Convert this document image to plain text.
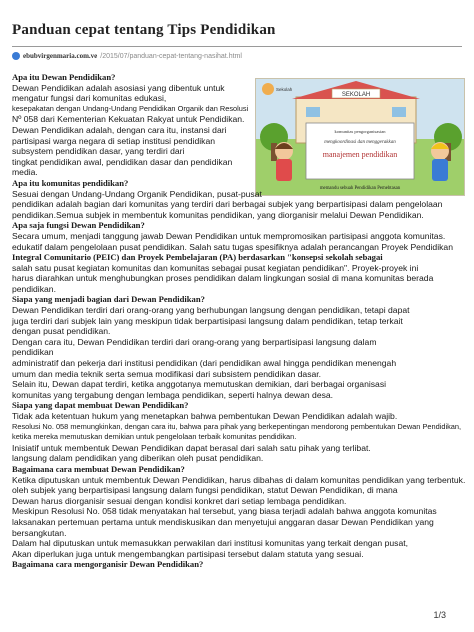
Panduan cepat tentang Tips Pendidikan
ebubvirgenmaria.com.ve /2015/07/panduan-cepat-tentang-nasihat.html
SEKOLAH
Sekolah
komunitas pengorganisasian
mengkoordinasi dan menggerakkan
manajemen pendidikan
memandu sebuah Pendidikan Pemebtasan

Apa itu Dewan Pendidikan?

Dewan Pendidikan adalah asosiasi yang dibentuk untuk

mengatur fungsi dari komunitas edukasi,

kesepakatan dengan Undang-Undang Pendidikan Organik dan Resolusi

Nº 058 dari Kementerian Kekuatan Rakyat untuk Pendidikan.

Dewan Pendidikan adalah, dengan cara itu, instansi dari

partisipasi warga negara di setiap institusi pendidikan

subsystem pendidikan dasar, yang terdiri dari

tingkat pendidikan awal, pendidikan dasar dan pendidikan

media.

Apa itu komunitas pendidikan?

Sesuai dengan Undang-Undang Organik Pendidikan, pusat-pusat

pendidikan adalah bagian dari komunitas yang terdiri dari berbagai subjek yang berpartisipasi dalam pengelolaan

pendidikan.Semua subjek in membentuk komunitas pendidikan, yang diorganisir melalui Dewan Pendidikan.

Apa saja fungsi Dewan Pendidikan?

Secara umum, menjadi tanggung jawab Dewan Pendidikan untuk mempromosikan partisipasi anggota komunitas.

edukatif dalam pengelolaan pusat pendidikan. Salah satu tugas spesifiknya adalah perancangan Proyek Pendidikan

Integral Comunitario (PEIC) dan Proyek Pembelajaran (PA) berdasarkan "konsepsi sekolah sebagai

salah satu pusat kegiatan komunitas dan komunitas sebagai pusat kegiatan pendidikan". Proyek-proyek ini

harus diarahkan untuk menghubungkan proses pendidikan dalam lingkungan sosial di mana komunitas berada

pendidikan.

Siapa yang menjadi bagian dari Dewan Pendidikan?

Dewan Pendidikan terdiri dari orang-orang yang berhubungan langsung dengan pendidikan, tetapi dapat

juga terdiri dari subjek lain yang meskipun tidak berpartisipasi langsung dalam pendidikan, tetap terkait

dengan pusat pendidikan.

Dengan cara itu, Dewan Pendidikan terdiri dari orang-orang yang berpartisipasi langsung dalam

pendidikan

administratif dan pekerja dari institusi pendidikan (dari pendidikan awal hingga pendidikan menengah

umum dan media teknik serta semua modifikasi dari subsistem pendidikan dasar.

Selain itu, Dewan dapat terdiri, ketika anggotanya memutuskan demikian, dari berbagai organisasi

komunitas yang tergabung dengan lembaga pendidikan, seperti halnya dewan desa.

Siapa yang dapat membuat Dewan Pendidikan?

Tidak ada ketentuan hukum yang menetapkan bahwa pembentukan Dewan Pendidikan adalah wajib.

Resolusi No. 058 memungkinkan, dengan cara itu, bahwa para pihak yang berkepentingan mendorong pembentukan Dewan Pendidikan,

ketika mereka memutuskan demikian untuk pengelolaan terbaik komunitas pendidikan.

Inisiatif untuk membentuk Dewan Pendidikan dapat berasal dari salah satu pihak yang terlibat.

langsung dalam pendidikan yang diberikan oleh pusat pendidikan.

Bagaimana cara membuat Dewan Pendidikan?

Ketika diputuskan untuk membentuk Dewan Pendidikan, harus dibahas di dalam komunitas pendidikan yang terbentuk.

oleh subjek yang berpartisipasi langsung dalam fungsi pendidikan, statut Dewan Pendidikan, di mana

Dewan harus diorganisir sesuai dengan kondisi konkret dari setiap lembaga pendidikan.

Meskipun Resolusi No. 058 tidak menyatakan hal tersebut, yang biasa terjadi adalah bahwa anggota komunitas

laksanakan pertemuan pertama untuk mendiskusikan dan menyetujui anggaran dasar Dewan Pendidikan yang bersangkutan.

Dalam hal diputuskan untuk memasukkan perwakilan dari institusi komunitas yang terkait dengan pusat,

Akan diperlukan juga untuk mengembangkan partisipasi tersebut dalam statuta yang sesuai.

Bagaimana cara mengorganisir Dewan Pendidikan?

1/3
